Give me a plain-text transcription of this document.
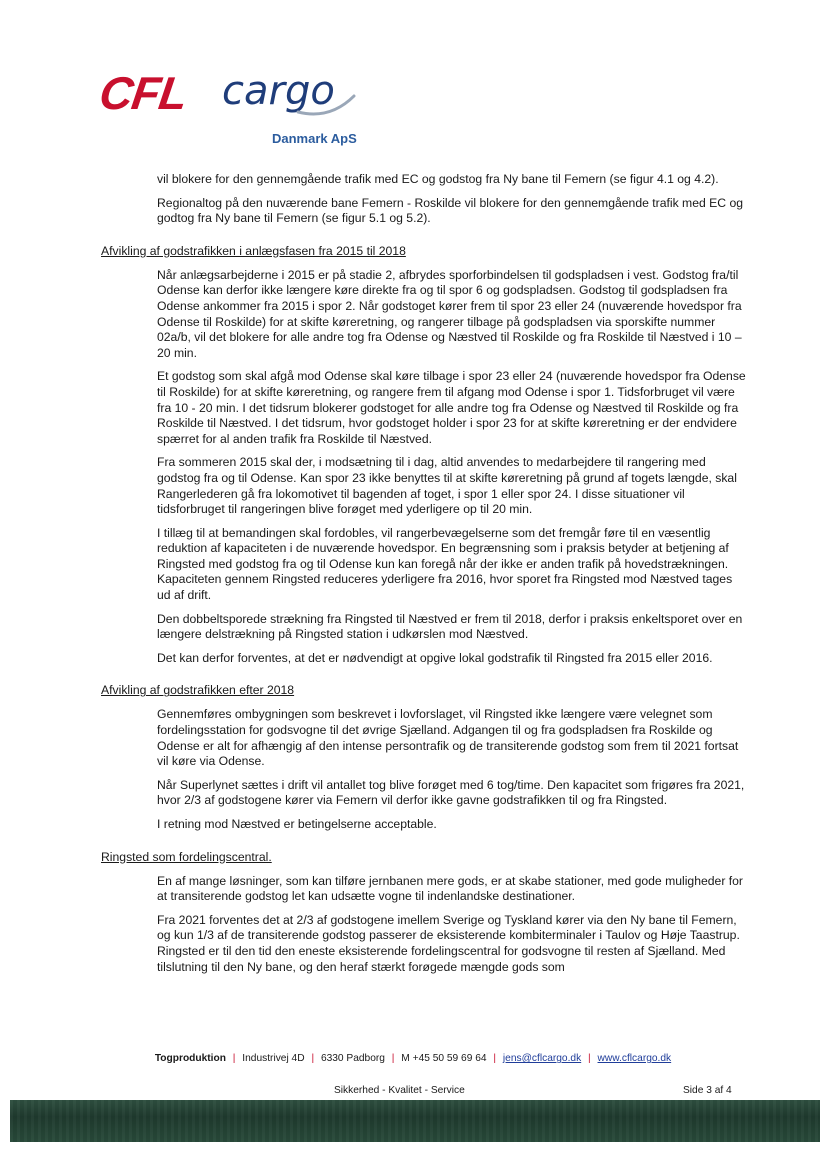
CFL cargo
Danmark ApS

vil blokere for den gennemgående trafik med EC og godstog fra Ny bane til Femern (se figur 4.1 og 4.2).

Regionaltog på den nuværende bane Femern - Roskilde vil blokere for den gennemgående trafik med EC og godtog fra Ny bane til Femern (se figur 5.1 og 5.2).

Afvikling af godstrafikken i anlægsfasen fra 2015 til 2018

Når anlægsarbejderne i 2015 er på stadie 2, afbrydes sporforbindelsen til godspladsen i vest. Godstog fra/til Odense kan derfor ikke længere køre direkte fra og til spor 6 og godspladsen. Godstog til godspladsen fra Odense ankommer fra 2015 i spor 2. Når godstoget kører frem til spor 23 eller 24 (nuværende hovedspor fra Odense til Roskilde) for at skifte køreretning, og rangerer tilbage på godspladsen via sporskifte nummer 02a/b, vil det blokere for alle andre tog fra Odense og Næstved til Roskilde og fra Roskilde til Næstved i 10 – 20 min.

Et godstog som skal afgå mod Odense skal køre tilbage i spor 23 eller 24 (nuværende hovedspor fra Odense til Roskilde) for at skifte køreretning, og rangere frem til afgang mod Odense i spor 1. Tidsforbruget vil være fra 10 - 20 min. I det tidsrum blokerer godstoget for alle andre tog fra Odense og Næstved til Roskilde og fra Roskilde til Næstved. I det tidsrum, hvor godstoget holder i spor 23 for at skifte køreretning er der endvidere spærret for al anden trafik fra Roskilde til Næstved.

Fra sommeren 2015 skal der, i modsætning til i dag, altid anvendes to medarbejdere til rangering med godstog fra og til Odense. Kan spor 23 ikke benyttes til at skifte køreretning på grund af togets længde, skal Rangerlederen gå fra lokomotivet til bagenden af toget, i spor 1 eller spor 24. I disse situationer vil tidsforbruget til rangeringen blive forøget med yderligere op til 20 min.

I tillæg til at bemandingen skal fordobles, vil rangerbevægelserne som det fremgår føre til en væsentlig reduktion af kapaciteten i de nuværende hovedspor. En begrænsning som i praksis betyder at betjening af Ringsted med godstog fra og til Odense kun kan foregå når der ikke er anden trafik på hovedstrækningen. Kapaciteten gennem Ringsted reduceres yderligere fra 2016, hvor sporet fra Ringsted mod Næstved tages ud af drift.

Den dobbeltsporede strækning fra Ringsted til Næstved er frem til 2018, derfor i praksis enkeltsporet over en længere delstrækning på Ringsted station i udkørslen mod Næstved.

Det kan derfor forventes, at det er nødvendigt at opgive lokal godstrafik til Ringsted fra 2015 eller 2016.

Afvikling af godstrafikken efter 2018

Gennemføres ombygningen som beskrevet i lovforslaget, vil Ringsted ikke længere være velegnet som fordelingsstation for godsvogne til det øvrige Sjælland. Adgangen til og fra godspladsen fra Roskilde og Odense er alt for afhængig af den intense persontrafik og de transiterende godstog som frem til 2021 fortsat vil køre via Odense.

Når Superlynet sættes i drift vil antallet tog blive forøget med 6 tog/time. Den kapacitet som frigøres fra 2021, hvor 2/3 af godstogene kører via Femern vil derfor ikke gavne godstrafikken til og fra Ringsted.

I retning mod Næstved er betingelserne acceptable.

Ringsted som fordelingscentral.

En af mange løsninger, som kan tilføre jernbanen mere gods, er at skabe stationer, med gode muligheder for at transiterende godstog let kan udsætte vogne til indenlandske destinationer.

Fra 2021 forventes det at 2/3 af godstogene imellem Sverige og Tyskland kører via den Ny bane til Femern, og kun 1/3 af de transiterende godstog passerer de eksisterende kombiterminaler i Taulov og Høje Taastrup. Ringsted er til den tid den eneste eksisterende fordelingscentral for godsvogne til resten af Sjælland. Med tilslutning til den Ny bane, og den heraf stærkt forøgede mængde gods som

Togproduktion | Industrivej 4D | 6330 Padborg | M +45 50 59 69 64 | jens@cflcargo.dk | www.cflcargo.dk
Sikkerhed - Kvalitet - Service	Side 3 af 4
